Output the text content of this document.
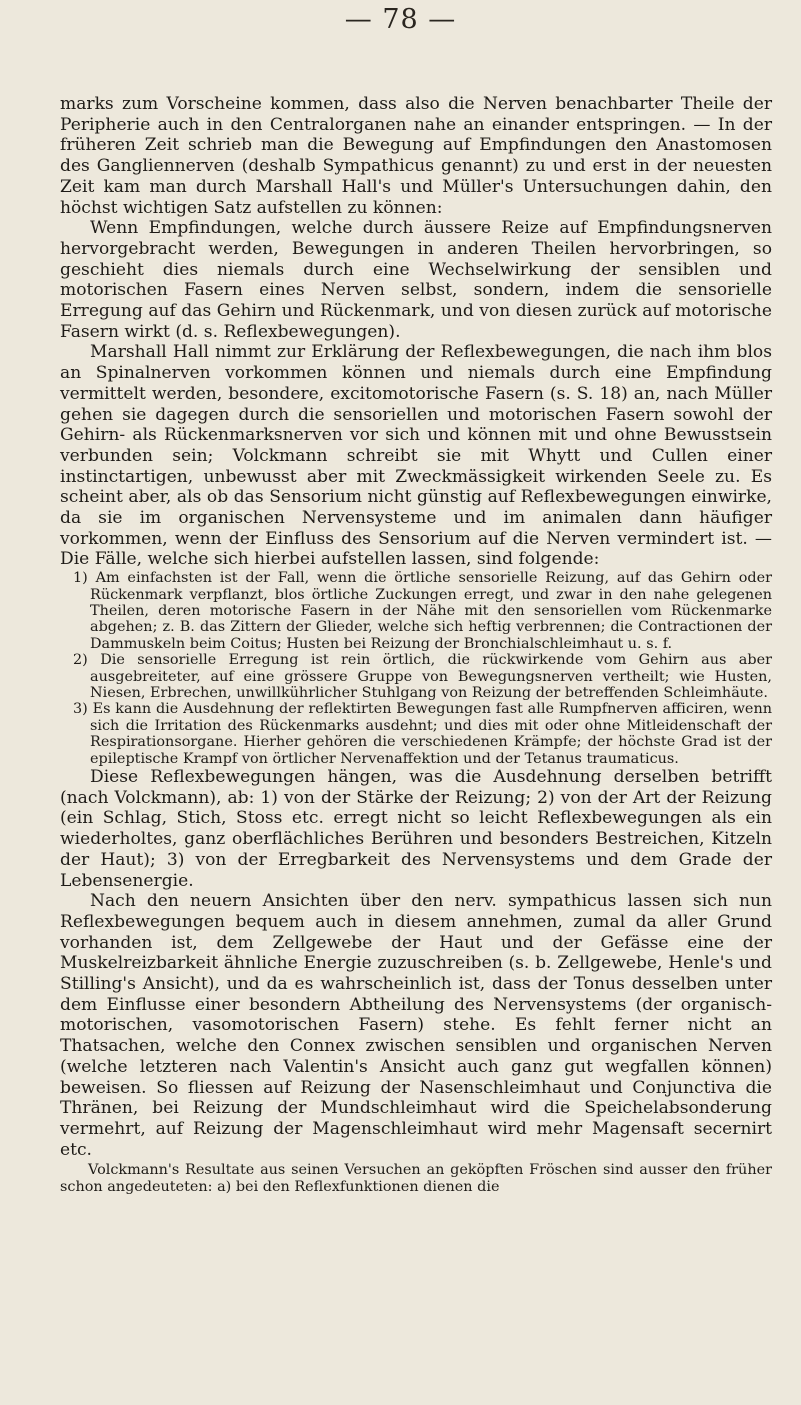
— 78 —

marks zum Vorscheine kommen, dass also die Nerven benachbarter Theile der Peripherie auch in den Centralorganen nahe an einander entspringen. — In der früheren Zeit schrieb man die Bewegung auf Empfindungen den Anastomosen des Gangliennerven (deshalb Sympathicus genannt) zu und erst in der neuesten Zeit kam man durch Marshall Hall's und Müller's Untersuchungen dahin, den höchst wichtigen Satz aufstellen zu können:

Wenn Empfindungen, welche durch äussere Reize auf Empfindungsnerven hervorgebracht werden, Bewegungen in anderen Theilen hervorbringen, so geschieht dies niemals durch eine Wechselwirkung der sensiblen und motorischen Fasern eines Nerven selbst, sondern, indem die sensorielle Erregung auf das Gehirn und Rückenmark, und von diesen zurück auf motorische Fasern wirkt (d. s. Reflexbewegungen).

Marshall Hall nimmt zur Erklärung der Reflexbewegungen, die nach ihm blos an Spinalnerven vorkommen können und niemals durch eine Empfindung vermittelt werden, besondere, excitomotorische Fasern (s. S. 18) an, nach Müller gehen sie dagegen durch die sensoriellen und motorischen Fasern sowohl der Gehirn- als Rückenmarksnerven vor sich und können mit und ohne Bewusstsein verbunden sein; Volckmann schreibt sie mit Whytt und Cullen einer instinctartigen, unbewusst aber mit Zweckmässigkeit wirkenden Seele zu. Es scheint aber, als ob das Sensorium nicht günstig auf Reflexbewegungen einwirke, da sie im organischen Nervensysteme und im animalen dann häufiger vorkommen, wenn der Einfluss des Sensorium auf die Nerven vermindert ist. — Die Fälle, welche sich hierbei aufstellen lassen, sind folgende:

1) Am einfachsten ist der Fall, wenn die örtliche sensorielle Reizung, auf das Gehirn oder Rückenmark verpflanzt, blos örtliche Zuckungen erregt, und zwar in den nahe gelegenen Theilen, deren motorische Fasern in der Nähe mit den sensoriellen vom Rückenmarke abgehen; z. B. das Zittern der Glieder, welche sich heftig verbrennen; die Contractionen der Dammuskeln beim Coitus; Husten bei Reizung der Bronchialschleimhaut u. s. f.

2) Die sensorielle Erregung ist rein örtlich, die rückwirkende vom Gehirn aus aber ausgebreiteter, auf eine grössere Gruppe von Bewegungsnerven vertheilt; wie Husten, Niesen, Erbrechen, unwillkührlicher Stuhlgang von Reizung der betreffenden Schleimhäute.

3) Es kann die Ausdehnung der reflektirten Bewegungen fast alle Rumpfnerven afficiren, wenn sich die Irritation des Rückenmarks ausdehnt; und dies mit oder ohne Mitleidenschaft der Respirationsorgane. Hierher gehören die verschiedenen Krämpfe; der höchste Grad ist der epileptische Krampf von örtlicher Nervenaffektion und der Tetanus traumaticus.

Diese Reflexbewegungen hängen, was die Ausdehnung derselben betrifft (nach Volckmann), ab: 1) von der Stärke der Reizung; 2) von der Art der Reizung (ein Schlag, Stich, Stoss etc. erregt nicht so leicht Reflexbewegungen als ein wiederholtes, ganz oberflächliches Berühren und besonders Bestreichen, Kitzeln der Haut); 3) von der Erregbarkeit des Nervensystems und dem Grade der Lebensenergie.

Nach den neuern Ansichten über den nerv. sympathicus lassen sich nun Reflexbewegungen bequem auch in diesem annehmen, zumal da aller Grund vorhanden ist, dem Zellgewebe der Haut und der Gefässe eine der Muskelreizbarkeit ähnliche Energie zuzuschreiben (s. b. Zellgewebe, Henle's und Stilling's Ansicht), und da es wahrscheinlich ist, dass der Tonus desselben unter dem Einflusse einer besondern Abtheilung des Nervensystems (der organisch-motorischen, vasomotorischen Fasern) stehe. Es fehlt ferner nicht an Thatsachen, welche den Connex zwischen sensiblen und organischen Nerven (welche letzteren nach Valentin's Ansicht auch ganz gut wegfallen können) beweisen. So fliessen auf Reizung der Nasenschleimhaut und Conjunctiva die Thränen, bei Reizung der Mundschleimhaut wird die Speichelabsonderung vermehrt, auf Reizung der Magenschleimhaut wird mehr Magensaft secernirt etc.

Volckmann's Resultate aus seinen Versuchen an geköpften Fröschen sind ausser den früher schon angedeuteten: a) bei den Reflexfunktionen dienen die
